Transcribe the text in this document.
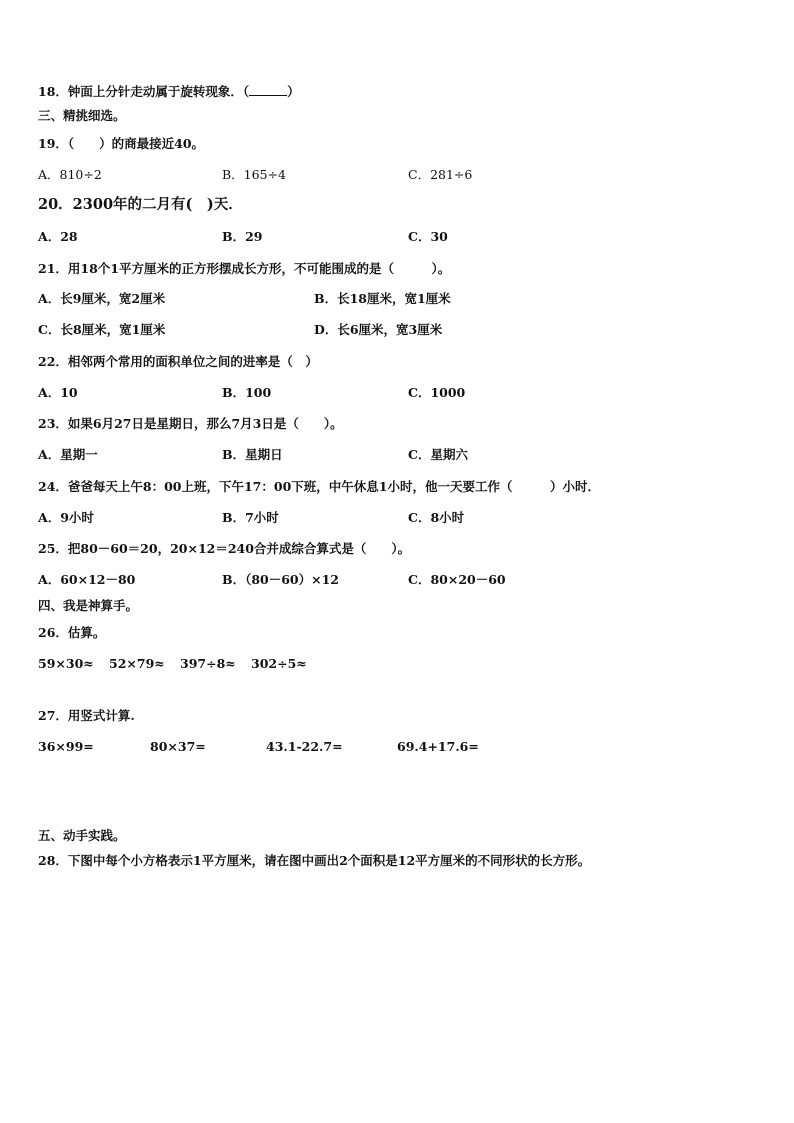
18．钟面上分针走动属于旋转现象．（	）
三、精挑细选。
19．（　　）的商最接近40。
A．810÷2	B．165÷4	C．281÷6
20．2300年的二月有(　)天．
A．28	B．29	C．30
21．用18个1平方厘米的正方形摆成长方形，不可能围成的是（　　　）。
A．长9厘米，宽2厘米	B．长18厘米，宽1厘米
C．长8厘米，宽1厘米	D．长6厘米，宽3厘米
22．相邻两个常用的面积单位之间的进率是（　）
A．10	B．100	C．1000
23．如果6月27日是星期日，那么7月3日是（　　）。
A．星期一	B．星期日	C．星期六
24．爸爸每天上午8：00上班，下午17：00下班，中午休息1小时，他一天要工作（　　　）小时．
A．9小时	B．7小时	C．8小时
25．把80－60＝20，20×12＝240合并成综合算式是（　　）。
A．60×12－80	B．（80－60）×12	C．80×20－60
四、我是神算手。
26．估算。
59×30≈ 52×79≈ 397÷8≈ 302÷5≈
27．用竖式计算.
36×99=	80×37=	43.1-22.7=	69.4+17.6=
五、动手实践。
28．下图中每个小方格表示1平方厘米，请在图中画出2个面积是12平方厘米的不同形状的长方形。
